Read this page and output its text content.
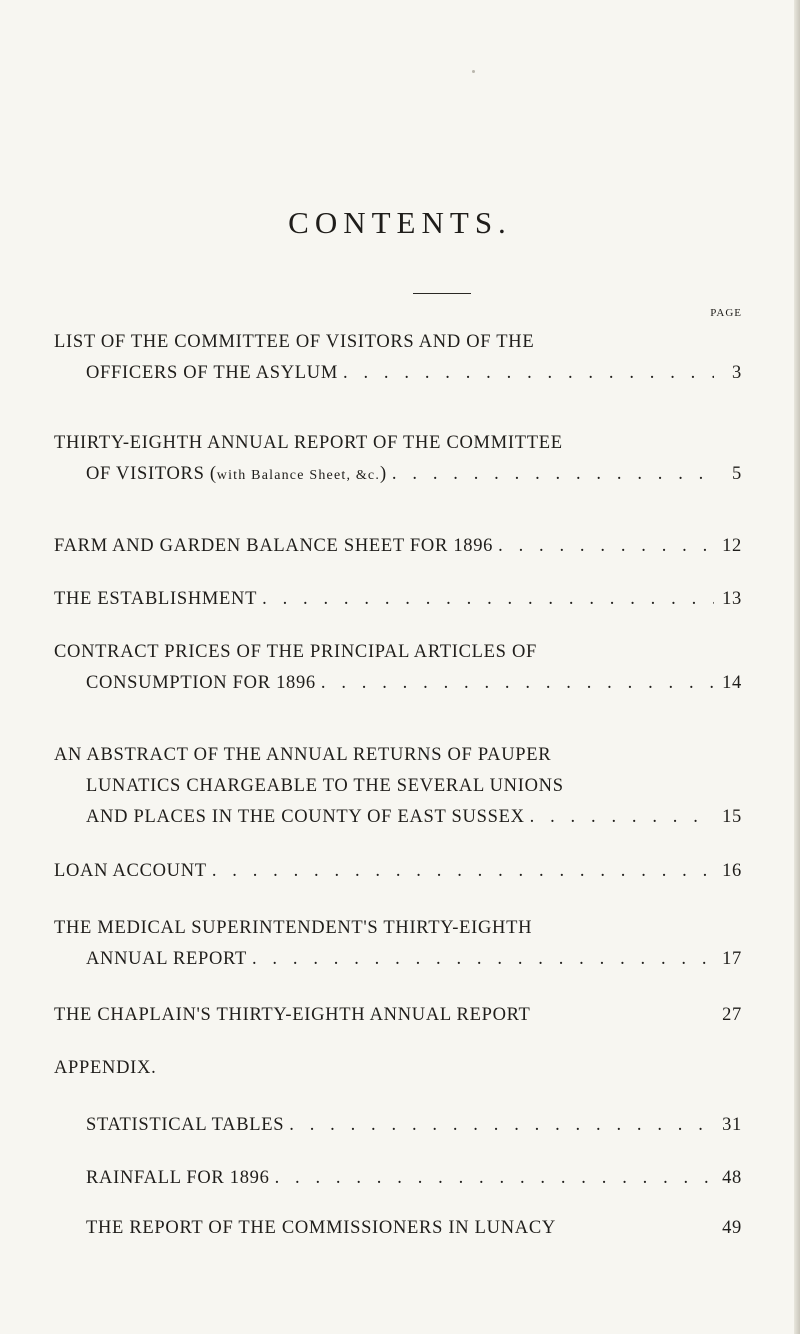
CONTENTS.
PAGE
LIST OF THE COMMITTEE OF VISITORS AND OF THE
OFFICERS OF THE ASYLUM . . .	3
THIRTY-EIGHTH ANNUAL REPORT OF THE COMMITTEE
OF VISITORS (with Balance Sheet, &c.) . . .	5
FARM AND GARDEN BALANCE SHEET FOR 1896 . . .	12
THE ESTABLISHMENT . . .	13
CONTRACT PRICES OF THE PRINCIPAL ARTICLES OF
CONSUMPTION FOR 1896 . . .	14
AN ABSTRACT OF THE ANNUAL RETURNS OF PAUPER
LUNATICS CHARGEABLE TO THE SEVERAL UNIONS
AND PLACES IN THE COUNTY OF EAST SUSSEX . . .	15
LOAN ACCOUNT . . .	16
THE MEDICAL SUPERINTENDENT'S THIRTY-EIGHTH
ANNUAL REPORT . . .	17
THE CHAPLAIN'S THIRTY-EIGHTH ANNUAL REPORT	27
APPENDIX.
STATISTICAL TABLES . . .	31
RAINFALL FOR 1896 . . .	48
THE REPORT OF THE COMMISSIONERS IN LUNACY	49
